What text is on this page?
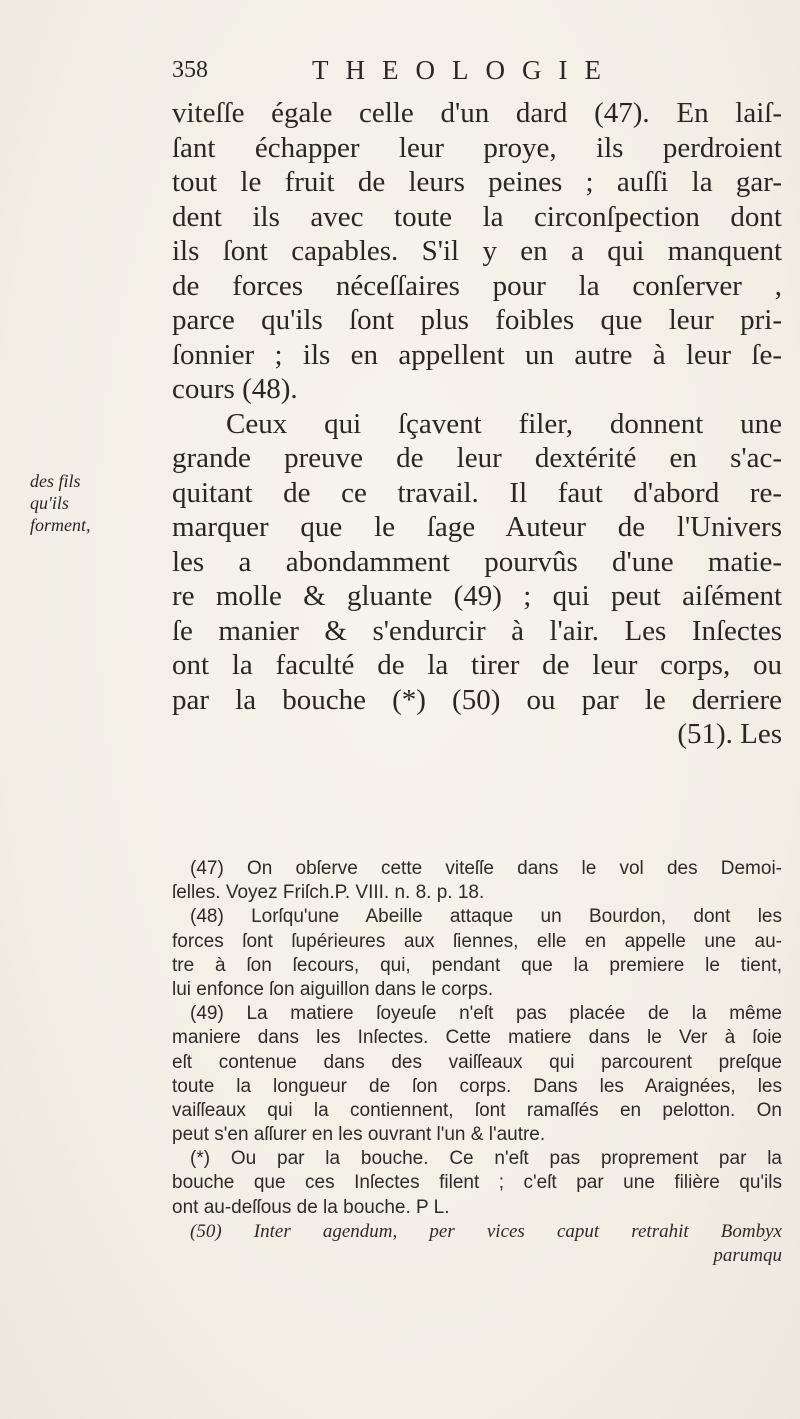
358	THEOLOGIE
des fils
qu'ils
forment,
viteſſe égale celle d'un dard (47). En laiſ-
ſant échapper leur proye, ils perdroient
tout le fruit de leurs peines ; auſſi la gar-
dent ils avec toute la circonſpection dont
ils ſont capables. S'il y en a qui manquent
de forces néceſſaires pour la conſerver ,
parce qu'ils ſont plus foibles que leur pri-
ſonnier ; ils en appellent un autre à leur ſe-
cours (48).
Ceux qui ſçavent filer, donnent une
grande preuve de leur dextérité en s'ac-
quitant de ce travail. Il faut d'abord re-
marquer que le ſage Auteur de l'Univers
les a abondamment pourvûs d'une matie-
re molle & gluante (49) ; qui peut aiſément
ſe manier & s'endurcir à l'air. Les Inſectes
ont la faculté de la tirer de leur corps, ou
par la bouche (*) (50) ou par le derriere
(51). Les
(47) On obſerve cette viteſſe dans le vol des Demoi-
ſelles. Voyez Friſch.P. VIII. n. 8. p. 18.
(48) Lorſqu'une Abeille attaque un Bourdon, dont les
forces ſont ſupérieures aux ſiennes, elle en appelle une au-
tre à ſon ſecours, qui, pendant que la premiere le tient,
lui enfonce ſon aiguillon dans le corps.
(49) La matiere ſoyeuſe n'eſt pas placée de la même
maniere dans les Inſectes. Cette matiere dans le Ver à ſoie
eſt contenue dans des vaiſſeaux qui parcourent preſque
toute la longueur de ſon corps. Dans les Araignées, les
vaiſſeaux qui la contiennent, ſont ramaſſés en pelotton. On
peut s'en aſſurer en les ouvrant l'un & l'autre.
(*) Ou par la bouche. Ce n'eſt pas proprement par la
bouche que ces Inſectes filent ; c'eſt par une filière qu'ils
ont au-deſſous de la bouche. P L.
(50) Inter agendum, per vices caput retrahit Bombyx
parumqu
